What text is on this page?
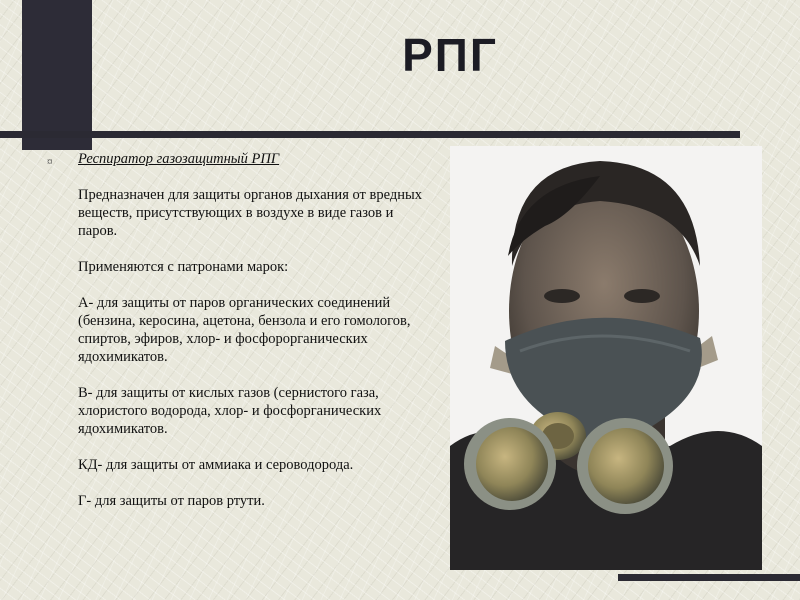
РПГ
¤ Респиратор газозащитный РПГ

Предназначен для защиты органов дыхания от вредных веществ, присутствующих в воздухе в виде газов и паров.

Применяются с патронами марок:

А- для защиты от паров органических соединений (бензина, керосина, ацетона, бензола и его гомологов, спиртов, эфиров, хлор- и фосфорорганических ядохимикатов.

В- для защиты от кислых газов (сернистого газа, хлористого водорода, хлор- и фосфорганических ядохимикатов.

КД- для защиты от аммиака и сероводорода.

Г- для защиты от паров ртути.
